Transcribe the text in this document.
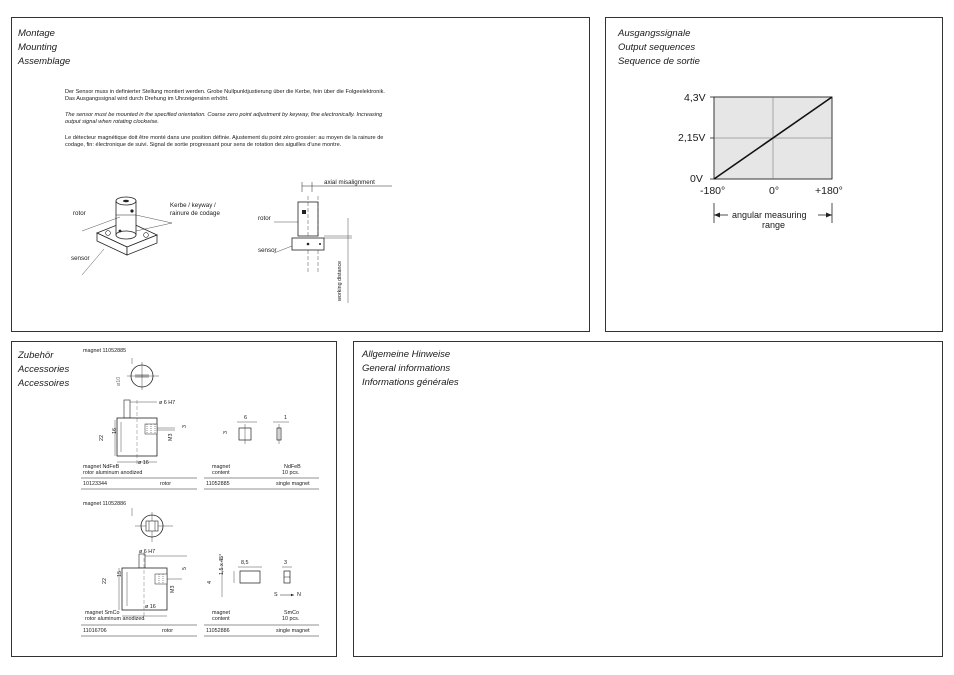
Montage
Mounting
Assemblage

Der Sensor muss in definierter Stellung montiert werden. Grobe Nullpunktjustierung über die Kerbe, fein über die Folgeelektronik. Das Ausgangssignal wird durch Drehung im Uhrzeigersinn erhöht.

The sensor must be mounted in the specified orientation. Coarse zero point adjustment by keyway, fine electronically. Increasing output signal when rotating clockwise.

Le détecteur magnétique doit être monté dans une position définie. Ajustement du point zéro grossier: au moyen de la rainure de codage, fin: électronique de suivi. Signal de sortie progressant pour sens de rotation des aiguilles d'une montre.

rotor
sensor
Kerbe / keyway /
rainure de codage
axial misalignment
rotor
sensor
working distance
Ausgangssignale
Output sequences
Sequence de sortie
4,3V
2,15V
0V
-180°	0°	+180°
angular measuring
range
Zubehör
Accessories
Accessoires
magnet 11052885
ø10
ø 6 H7
ø 16
22
16
M3
3
6	1
3
magnet NdFeB
rotor aluminum anodized
magnet
content
NdFeB
10 pcs.
10123344	rotor	11052885	single magnet
magnet 11052886
ø 6 H7
ø 16
22
15
M3
5
8,5	3
1,5 x 45°
4
S	N
magnet SmCo
rotor aluminum anodized
magnet
content
SmCo
10 pcs.
11016706	rotor	11052886	single magnet
Allgemeine Hinweise
General informations
Informations générales
